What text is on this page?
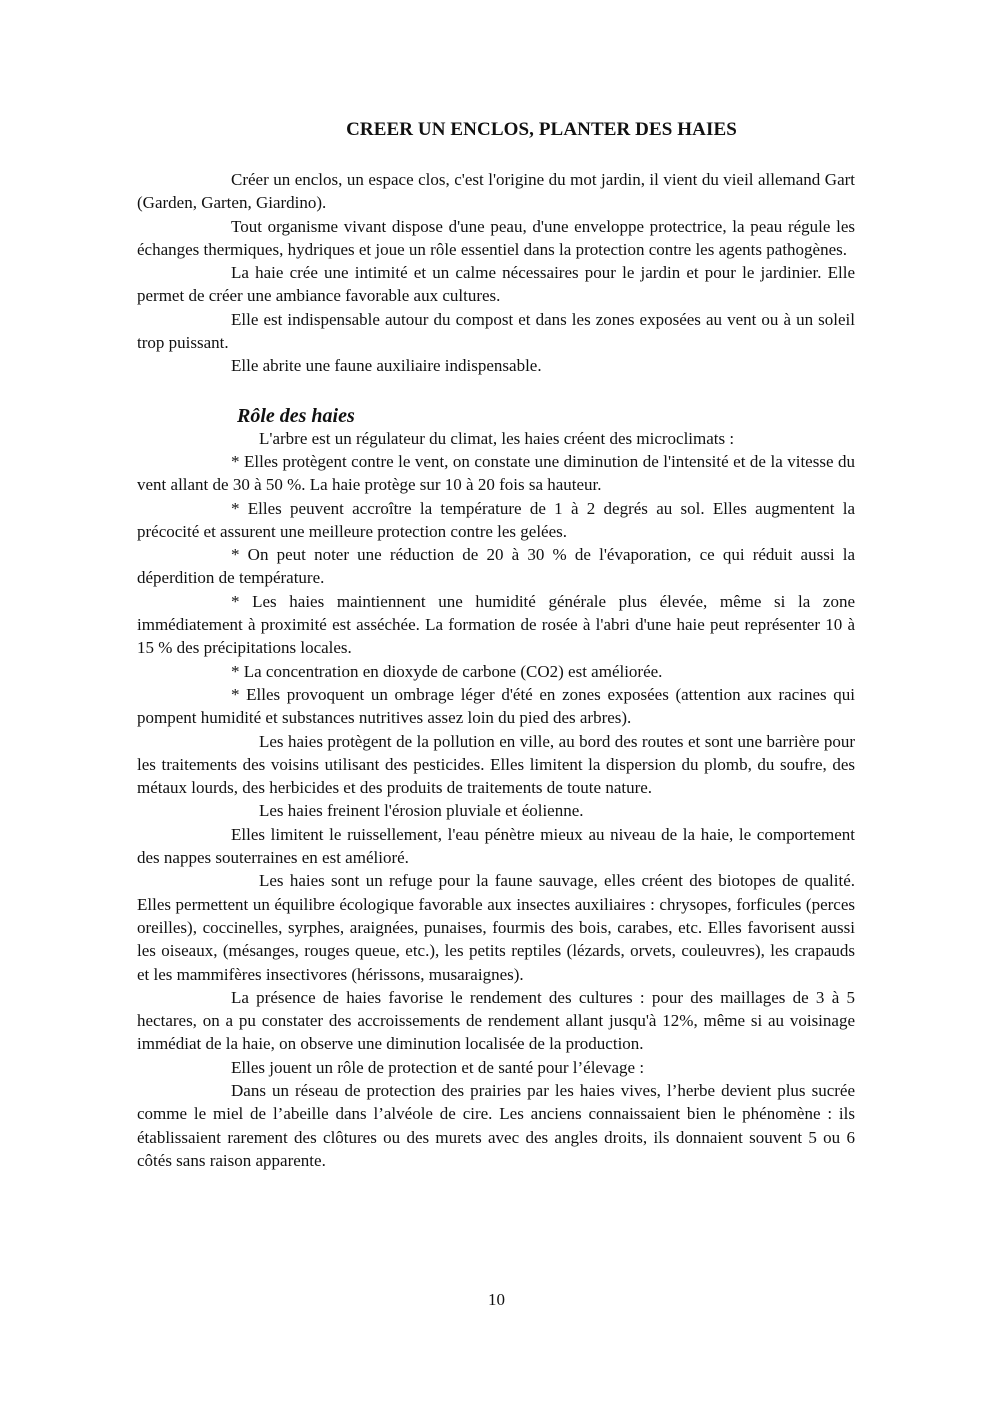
CREER UN ENCLOS, PLANTER DES HAIES

Créer un enclos, un espace clos, c'est l'origine du mot jardin, il vient du vieil allemand Gart (Garden, Garten, Giardino).

Tout organisme vivant dispose d'une peau, d'une enveloppe protectrice, la peau régule les échanges thermiques, hydriques et joue un rôle essentiel dans la protection contre les agents pathogènes.

La haie crée une intimité et un calme nécessaires pour le jardin et pour le jardinier. Elle permet de créer une ambiance favorable aux cultures.

Elle est indispensable autour du compost et dans les zones exposées au vent ou à un soleil trop puissant.

Elle abrite une faune auxiliaire indispensable.

Rôle des haies

L'arbre est un régulateur du climat, les haies créent des microclimats :

* Elles protègent contre le vent, on constate une diminution de l'intensité et de la vitesse du vent allant de 30 à 50 %. La haie protège sur 10 à 20 fois sa hauteur.

* Elles peuvent accroître la température de 1 à 2 degrés au sol. Elles augmentent la précocité et assurent une meilleure protection contre les gelées.

* On peut noter une réduction de 20 à 30 % de l'évaporation, ce qui réduit aussi la déperdition de température.

* Les haies maintiennent une humidité générale plus élevée, même si la zone immédiatement à proximité est asséchée. La formation de rosée à l'abri d'une haie peut représenter 10 à 15 % des précipitations locales.

* La concentration en dioxyde de carbone (CO2) est améliorée.

* Elles provoquent un ombrage léger d'été en zones exposées (attention aux racines qui pompent humidité et substances nutritives assez loin du pied des arbres).

Les haies protègent de la pollution en ville, au bord des routes et sont une barrière pour les traitements des voisins utilisant des pesticides. Elles limitent la dispersion du plomb, du soufre, des métaux lourds, des herbicides et des produits de traitements de toute nature.

Les haies freinent l'érosion pluviale et éolienne.

Elles limitent le ruissellement, l'eau pénètre mieux au niveau de la haie, le comportement des nappes souterraines en est amélioré.

Les haies sont un refuge pour la faune sauvage, elles créent des biotopes de qualité. Elles permettent un équilibre écologique favorable aux insectes auxiliaires : chrysopes, forficules (perces oreilles), coccinelles, syrphes, araignées, punaises, fourmis des bois, carabes, etc. Elles favorisent aussi les oiseaux, (mésanges, rouges queue, etc.), les petits reptiles (lézards, orvets, couleuvres), les crapauds et les mammifères insectivores (hérissons, musaraignes).

La présence de haies favorise le rendement des cultures : pour des maillages de 3 à 5 hectares, on a pu constater des accroissements de rendement allant jusqu'à 12%, même si au voisinage immédiat de la haie, on observe une diminution localisée de la production.

Elles jouent un rôle de protection et de santé pour l’élevage :

Dans un réseau de protection des prairies par les haies vives, l’herbe devient plus sucrée comme le miel de l’abeille dans l’alvéole de cire. Les anciens connaissaient bien le phénomène : ils établissaient rarement des clôtures ou des murets avec des angles droits, ils donnaient souvent 5 ou 6 côtés sans raison apparente.

10
